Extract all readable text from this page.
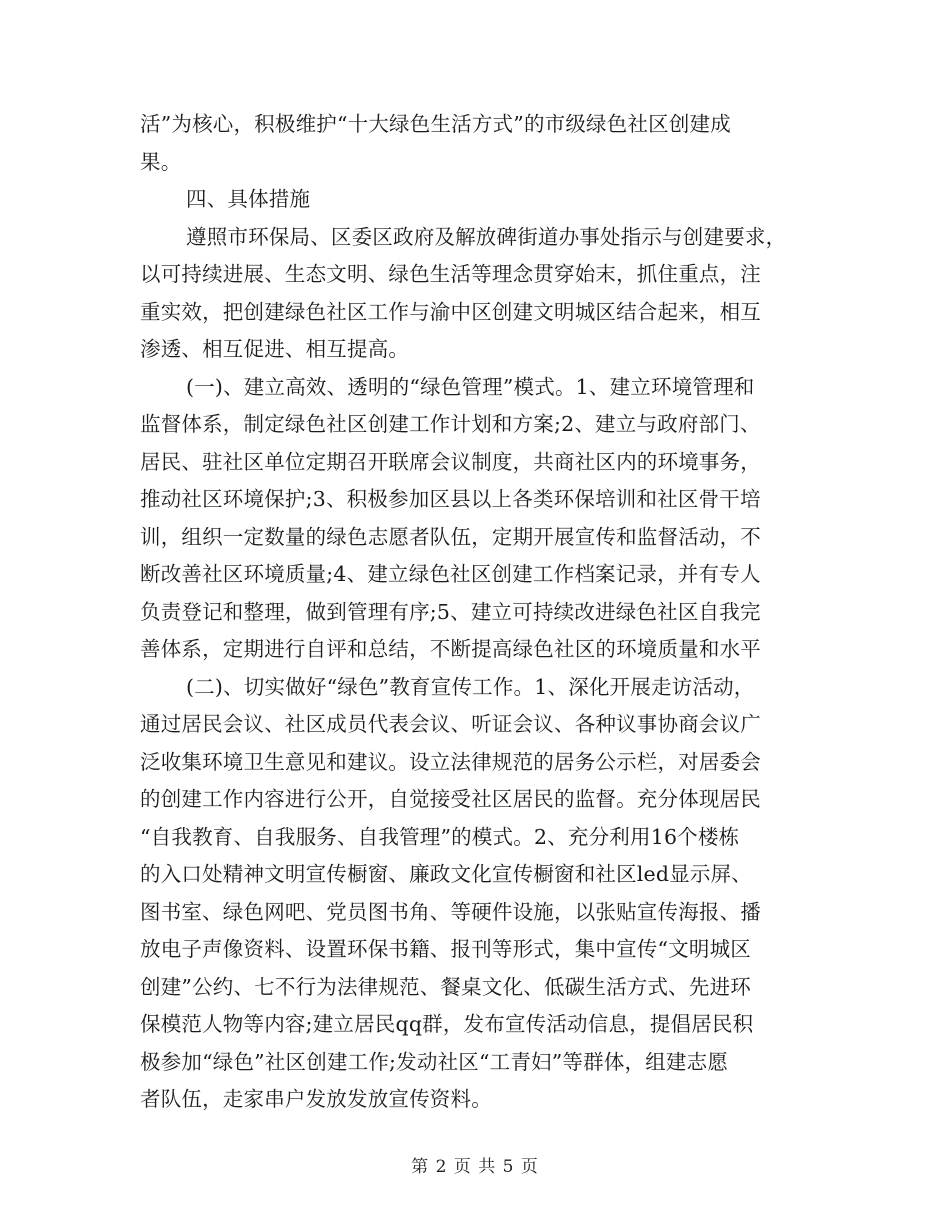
活”为核心，积极维护“十大绿色生活方式”的市级绿色社区创建成
果。
四、具体措施
遵照市环保局、区委区政府及解放碑街道办事处指示与创建要求，
以可持续进展、生态文明、绿色生活等理念贯穿始末，抓住重点，注
重实效，把创建绿色社区工作与渝中区创建文明城区结合起来，相互
渗透、相互促进、相互提高。
(一)、建立高效、透明的“绿色管理”模式。1、建立环境管理和
监督体系，制定绿色社区创建工作计划和方案;2、建立与政府部门、
居民、驻社区单位定期召开联席会议制度，共商社区内的环境事务，
推动社区环境保护;3、积极参加区县以上各类环保培训和社区骨干培
训，组织一定数量的绿色志愿者队伍，定期开展宣传和监督活动，不
断改善社区环境质量;4、建立绿色社区创建工作档案记录，并有专人
负责登记和整理，做到管理有序;5、建立可持续改进绿色社区自我完
善体系，定期进行自评和总结，不断提高绿色社区的环境质量和水平
(二)、切实做好“绿色”教育宣传工作。1、深化开展走访活动，
通过居民会议、社区成员代表会议、听证会议、各种议事协商会议广
泛收集环境卫生意见和建议。设立法律规范的居务公示栏，对居委会
的创建工作内容进行公开，自觉接受社区居民的监督。充分体现居民
“自我教育、自我服务、自我管理”的模式。2、充分利用16个楼栋
的入口处精神文明宣传橱窗、廉政文化宣传橱窗和社区led显示屏、
图书室、绿色网吧、党员图书角、等硬件设施，以张贴宣传海报、播
放电子声像资料、设置环保书籍、报刊等形式，集中宣传“文明城区
创建”公约、七不行为法律规范、餐桌文化、低碳生活方式、先进环
保模范人物等内容;建立居民qq群，发布宣传活动信息，提倡居民积
极参加“绿色”社区创建工作;发动社区“工青妇”等群体，组建志愿
者队伍，走家串户发放发放宣传资料。
第 2 页 共 5 页
